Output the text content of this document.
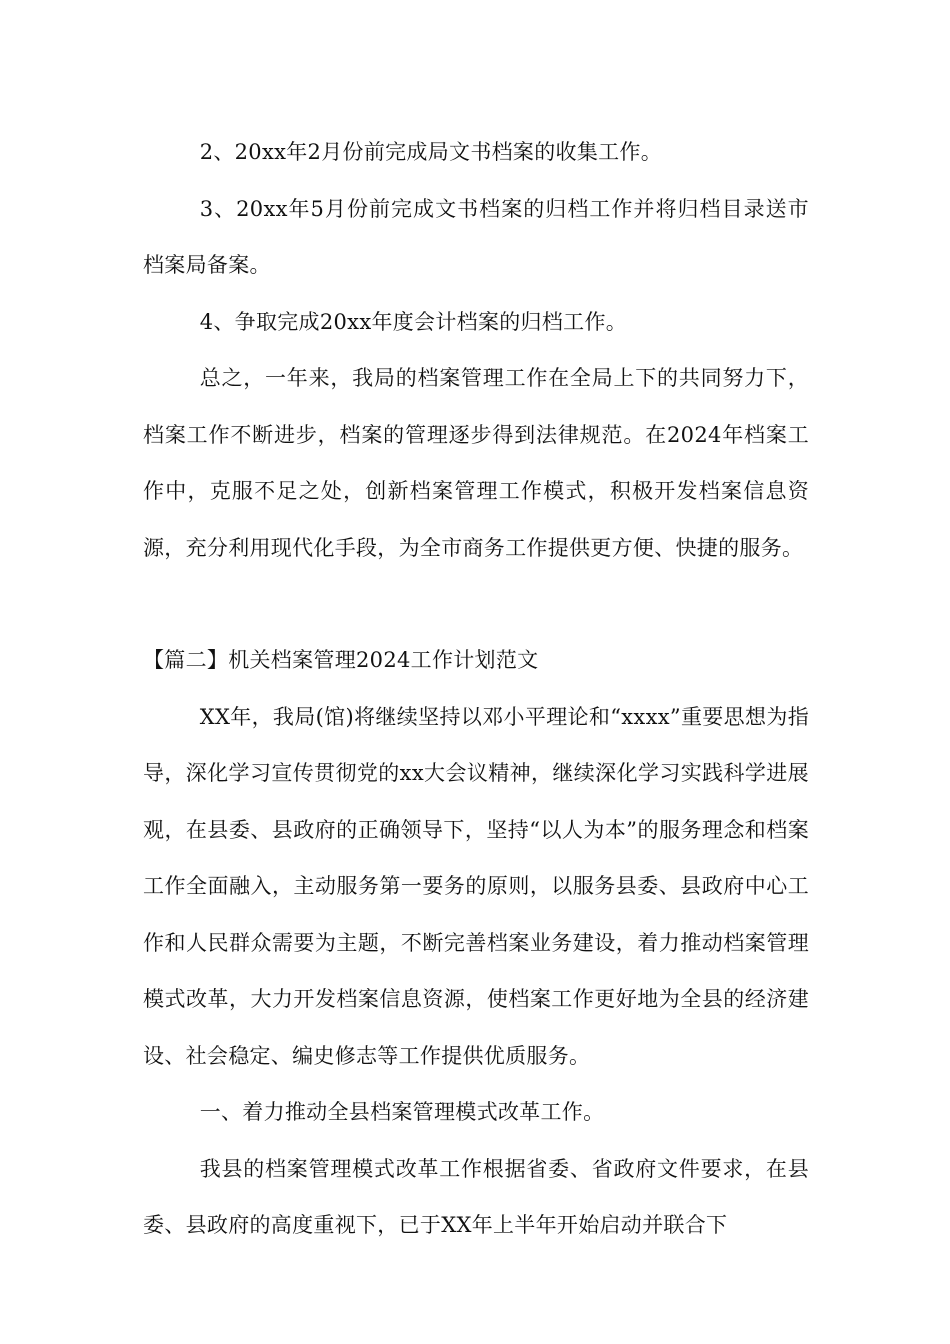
2、20xx年2月份前完成局文书档案的收集工作。

3、20xx年5月份前完成文书档案的归档工作并将归档目录送市档案局备案。

4、争取完成20xx年度会计档案的归档工作。

总之，一年来，我局的档案管理工作在全局上下的共同努力下，档案工作不断进步，档案的管理逐步得到法律规范。在2024年档案工作中，克服不足之处，创新档案管理工作模式，积极开发档案信息资源，充分利用现代化手段，为全市商务工作提供更方便、快捷的服务。

【篇二】机关档案管理2024工作计划范文

XX年，我局(馆)将继续坚持以邓小平理论和“xxxx”重要思想为指导，深化学习宣传贯彻党的xx大会议精神，继续深化学习实践科学进展观，在县委、县政府的正确领导下，坚持“以人为本”的服务理念和档案工作全面融入，主动服务第一要务的原则，以服务县委、县政府中心工作和人民群众需要为主题，不断完善档案业务建设，着力推动档案管理模式改革，大力开发档案信息资源，使档案工作更好地为全县的经济建设、社会稳定、编史修志等工作提供优质服务。

一、着力推动全县档案管理模式改革工作。

我县的档案管理模式改革工作根据省委、省政府文件要求，在县委、县政府的高度重视下，已于XX年上半年开始启动并联合下
